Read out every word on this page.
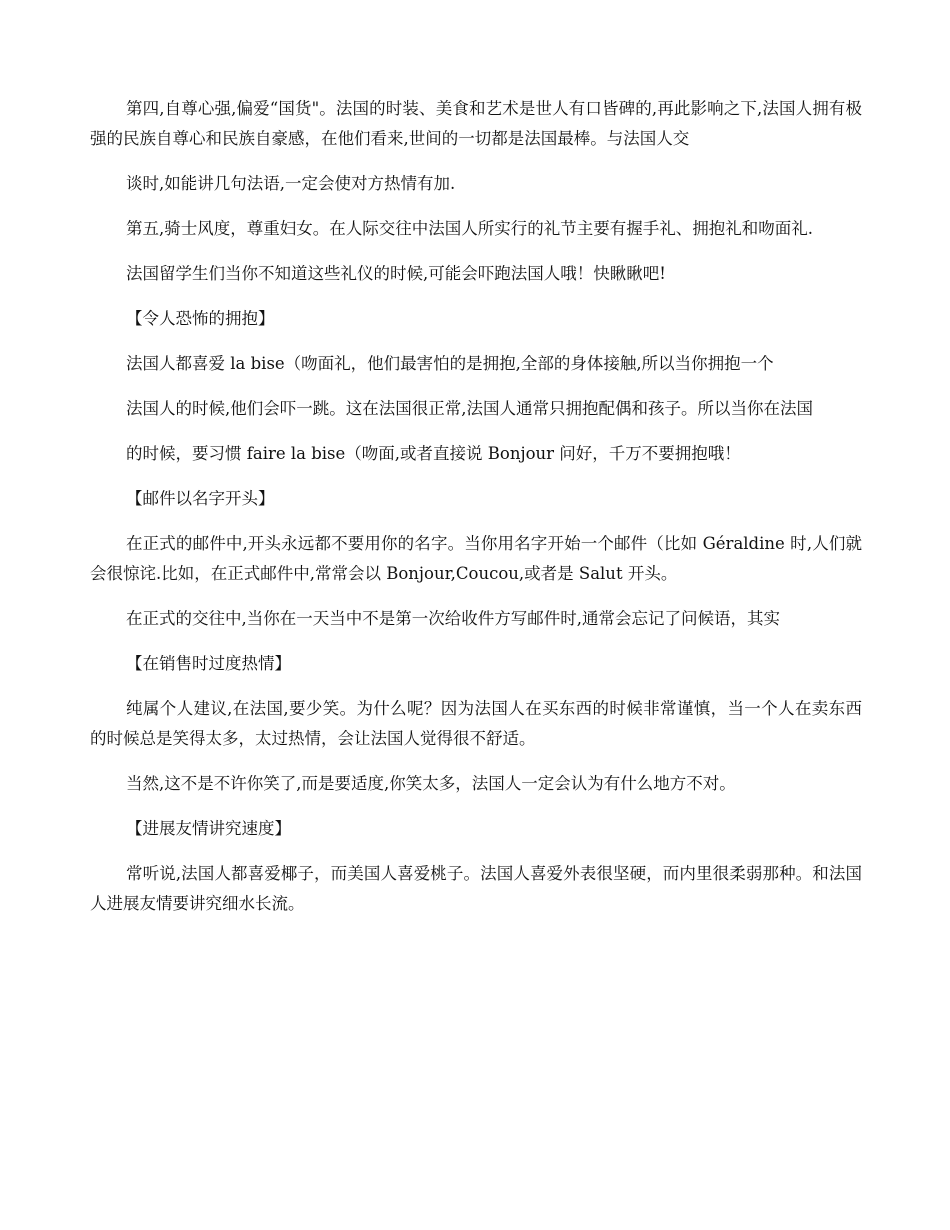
第四,自尊心强,偏爱“国货"。法国的时装、美食和艺术是世人有口皆碑的,再此影响之下,法国人拥有极强的民族自尊心和民族自豪感，在他们看来,世间的一切都是法国最棒。与法国人交

谈时,如能讲几句法语,一定会使对方热情有加.

第五,骑士风度，尊重妇女。在人际交往中法国人所实行的礼节主要有握手礼、拥抱礼和吻面礼.

法国留学生们当你不知道这些礼仪的时候,可能会吓跑法国人哦！快瞅瞅吧!

【令人恐怖的拥抱】

法国人都喜爱 la bise（吻面礼，他们最害怕的是拥抱,全部的身体接触,所以当你拥抱一个

法国人的时候,他们会吓一跳。这在法国很正常,法国人通常只拥抱配偶和孩子。所以当你在法国

的时候，要习惯 faire la bise（吻面,或者直接说 Bonjour 问好，千万不要拥抱哦！

【邮件以名字开头】

在正式的邮件中,开头永远都不要用你的名字。当你用名字开始一个邮件（比如 Géraldine 时,人们就会很惊诧.比如，在正式邮件中,常常会以 Bonjour,Coucou,或者是 Salut 开头。

在正式的交往中,当你在一天当中不是第一次给收件方写邮件时,通常会忘记了问候语，其实

【在销售时过度热情】

纯属个人建议,在法国,要少笑。为什么呢？因为法国人在买东西的时候非常谨慎，当一个人在卖东西的时候总是笑得太多，太过热情，会让法国人觉得很不舒适。

当然,这不是不许你笑了,而是要适度,你笑太多，法国人一定会认为有什么地方不对。

【进展友情讲究速度】

常听说,法国人都喜爱椰子，而美国人喜爱桃子。法国人喜爱外表很坚硬，而内里很柔弱那种。和法国人进展友情要讲究细水长流。
